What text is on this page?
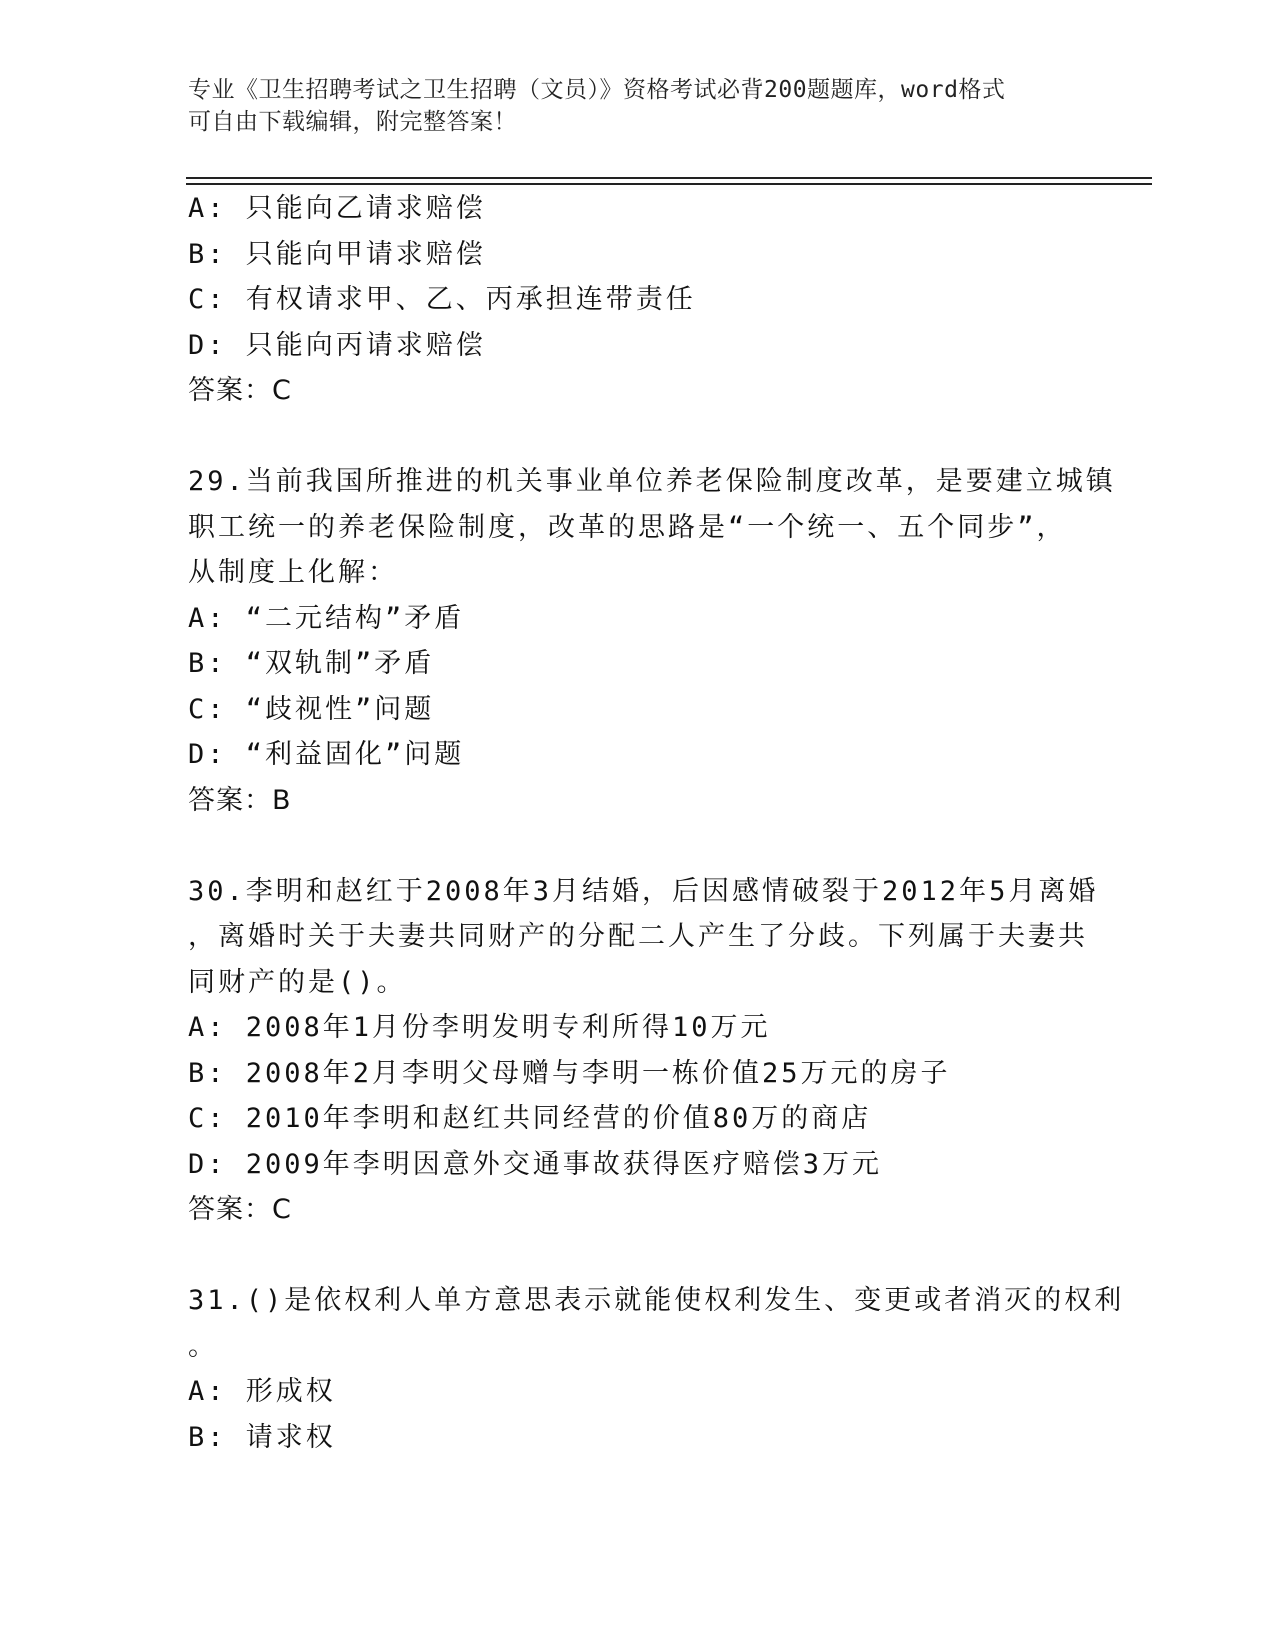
专业《卫生招聘考试之卫生招聘（文员）》资格考试必背200题题库，word格式
可自由下载编辑，附完整答案！
A: 只能向乙请求赔偿
B: 只能向甲请求赔偿
C: 有权请求甲、乙、丙承担连带责任
D: 只能向丙请求赔偿
答案：C
29.当前我国所推进的机关事业单位养老保险制度改革，是要建立城镇
职工统一的养老保险制度，改革的思路是“一个统一、五个同步”，
从制度上化解：
A: “二元结构”矛盾
B: “双轨制”矛盾
C: “歧视性”问题
D: “利益固化”问题
答案：B
30.李明和赵红于2008年3月结婚，后因感情破裂于2012年5月离婚
，离婚时关于夫妻共同财产的分配二人产生了分歧。下列属于夫妻共
同财产的是()。
A: 2008年1月份李明发明专利所得10万元
B: 2008年2月李明父母赠与李明一栋价值25万元的房子
C: 2010年李明和赵红共同经营的价值80万的商店
D: 2009年李明因意外交通事故获得医疗赔偿3万元
答案：C
31.()是依权利人单方意思表示就能使权利发生、变更或者消灭的权利
。
A: 形成权
B: 请求权
